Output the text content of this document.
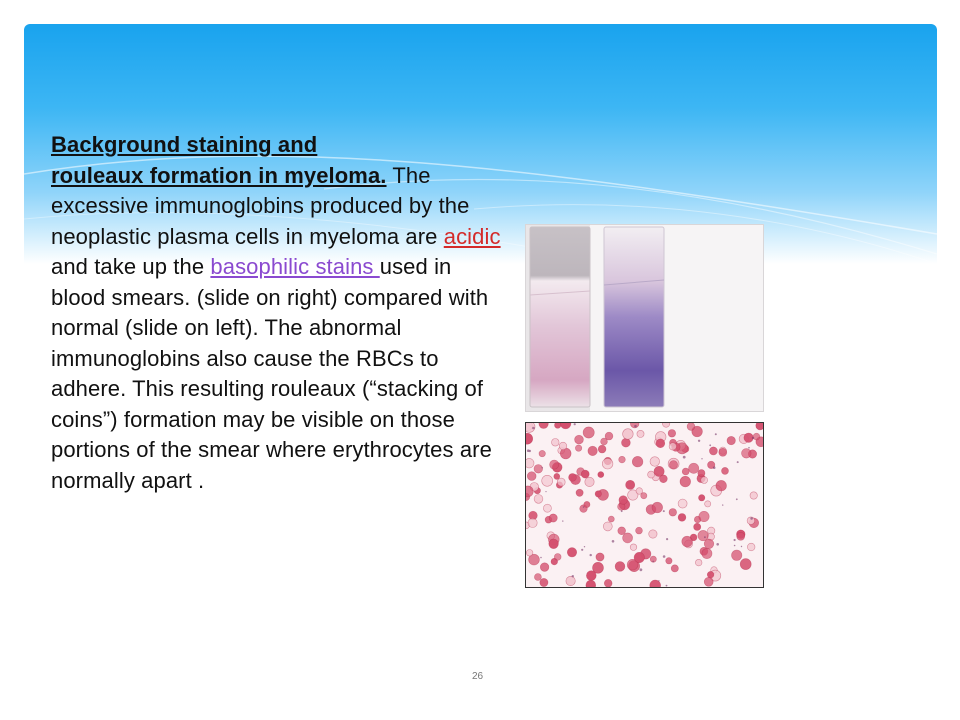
Background staining and
rouleaux formation in myeloma. The excessive immunoglobins produced by the neoplastic plasma cells in myeloma are acidic and take up the basophilic stains used in blood smears. (slide on right) compared with normal (slide on left). The abnormal immunoglobins also cause the RBCs to adhere. This resulting rouleaux (“stacking of coins”) formation may be visible on those portions of the smear where erythrocytes are normally apart .
26
